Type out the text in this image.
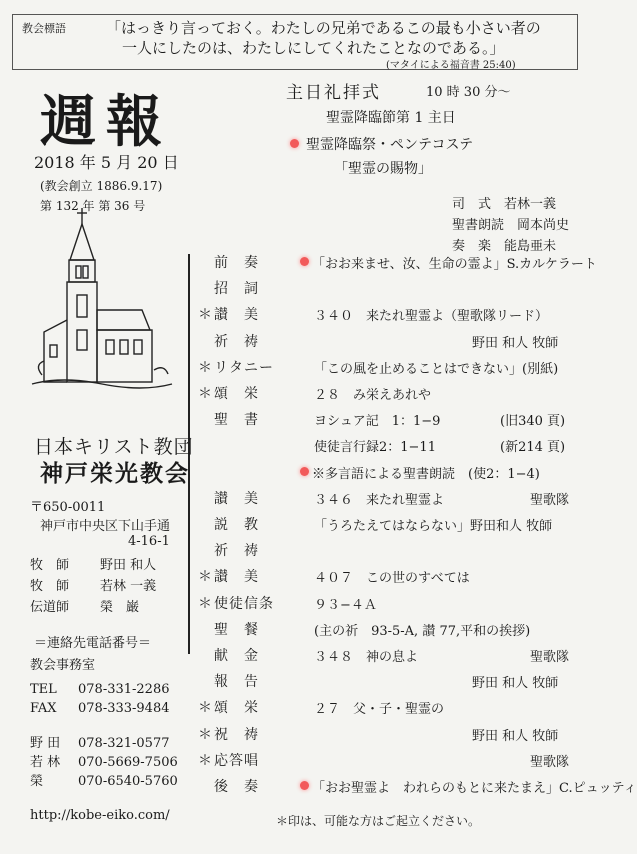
教会標語	「はっきり言っておく。わたしの兄弟であるこの最も小さい者の
一人にしたのは、わたしにしてくれたことなのである。」
(マタイによる福音書 25:40)
週報
2018 年 5 月 20 日
(教会創立 1886.9.17)
第 132 年 第 36 号
主日礼拝式	10 時 30 分～
聖霊降臨節第 1 主日
聖霊降臨祭・ペンテコステ
「聖霊の賜物」
司　式　 若林一義
聖書朗読　 岡本尚史
奏　楽　 能島亜未
日本キリスト教団
神戸栄光教会
〒650-0011
神戸市中央区下山手通
4-16-1
牧　師 野田 和人
牧　師 若林 一義
伝道師 榮　巌
＝連絡先電話番号＝
教会事務室
TEL 078-331-2286
FAX 078-333-9484
野 田 078-321-0577
若 林 070-5669-7506
榮	070-6540-5760
http://kobe-eiko.com/
前　奏	「おお来ませ、汝、生命の霊よ」S.カルケラート
招　詞
＊ 讃　美	３４０　来たれ聖霊よ（聖歌隊リード）
祈　祷	野田 和人 牧師
＊ リタニー	「この風を止めることはできない」(別紙)
＊ 頌　栄	２８　み栄えあれや
聖　書	ヨシュア記　1：1−9	(旧340 頁)
使徒言行録2：1−11	(新214 頁)
※多言語による聖書朗読　(使2：1−4)
讃　美	３４６　来たれ聖霊よ	聖歌隊
説　教	「うろたえてはならない」野田和人 牧師
祈　祷
＊ 讃　美	４０７　この世のすべては
＊ 使徒信条	９３−４Ａ
聖　餐	(主の祈　93-5-A, 讃 77,平和の挨拶)
献　金	３４８　神の息よ	聖歌隊
報　告	野田 和人 牧師
＊ 頌　栄	２７　父・子・聖霊の
＊ 祝　祷	野田 和人 牧師
＊ 応答唱	聖歌隊
後　奏	「おお聖霊よ　われらのもとに来たまえ」C.ピュッティ
＊印は、可能な方はご起立ください。
